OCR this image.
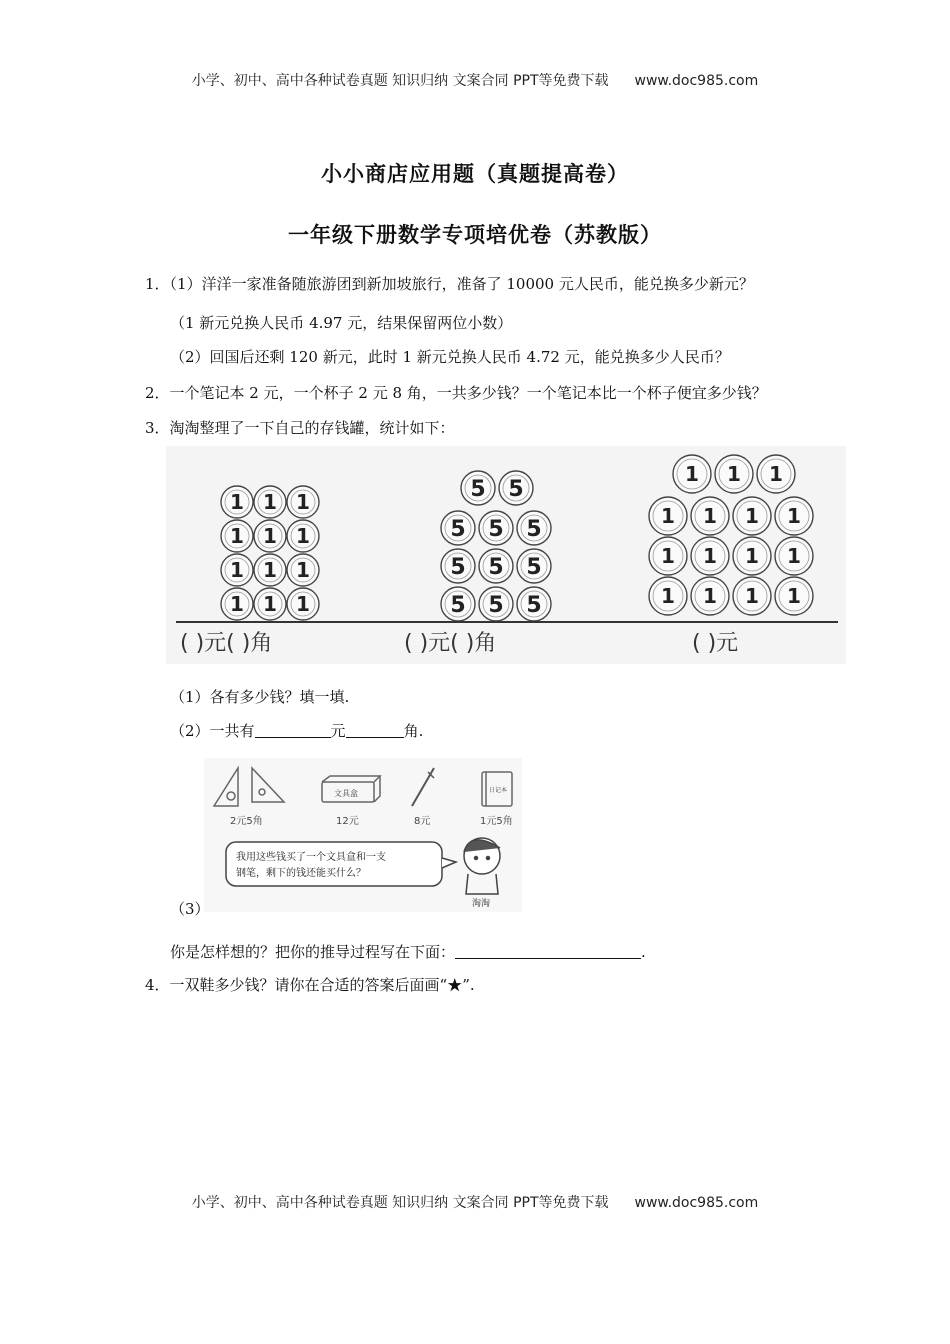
小学、初中、高中各种试卷真题 知识归纳 文案合同 PPT等免费下载 www.doc985.com
小小商店应用题（真题提高卷）
一年级下册数学专项培优卷（苏教版）
1．（1）洋洋一家准备随旅游团到新加坡旅行，准备了 10000 元人民币，能兑换多少新元？
（1 新元兑换人民币 4.97 元，结果保留两位小数）
（2）回国后还剩 120 新元，此时 1 新元兑换人民币 4.72 元，能兑换多少人民币？
2．一个笔记本 2 元，一个杯子 2 元 8 角，一共多少钱？一个笔记本比一个杯子便宜多少钱？
3．淘淘整理了一下自己的存钱罐，统计如下：
1 1 1
1 1 1
1 1 1
1 1 1
5 5
5 5 5
5 5 5
5 5 5
1 1 1
1 1 1 1
1 1 1 1
1 1 1 1
( )元( )角	( )元( )角	( )元
（1）各有多少钱？填一填.
（2）一共有	元	角.
2元5角
文具盒
12元	8元
日记本
1元5角
我用这些钱买了一个文具盒和一支 钢笔，剩下的钱还能买什么？
淘淘
（3）
你是怎样想的？把你的推导过程写在下面：	.
4．一双鞋多少钱？请你在合适的答案后面画“★”.
小学、初中、高中各种试卷真题 知识归纳 文案合同 PPT等免费下载 www.doc985.com
